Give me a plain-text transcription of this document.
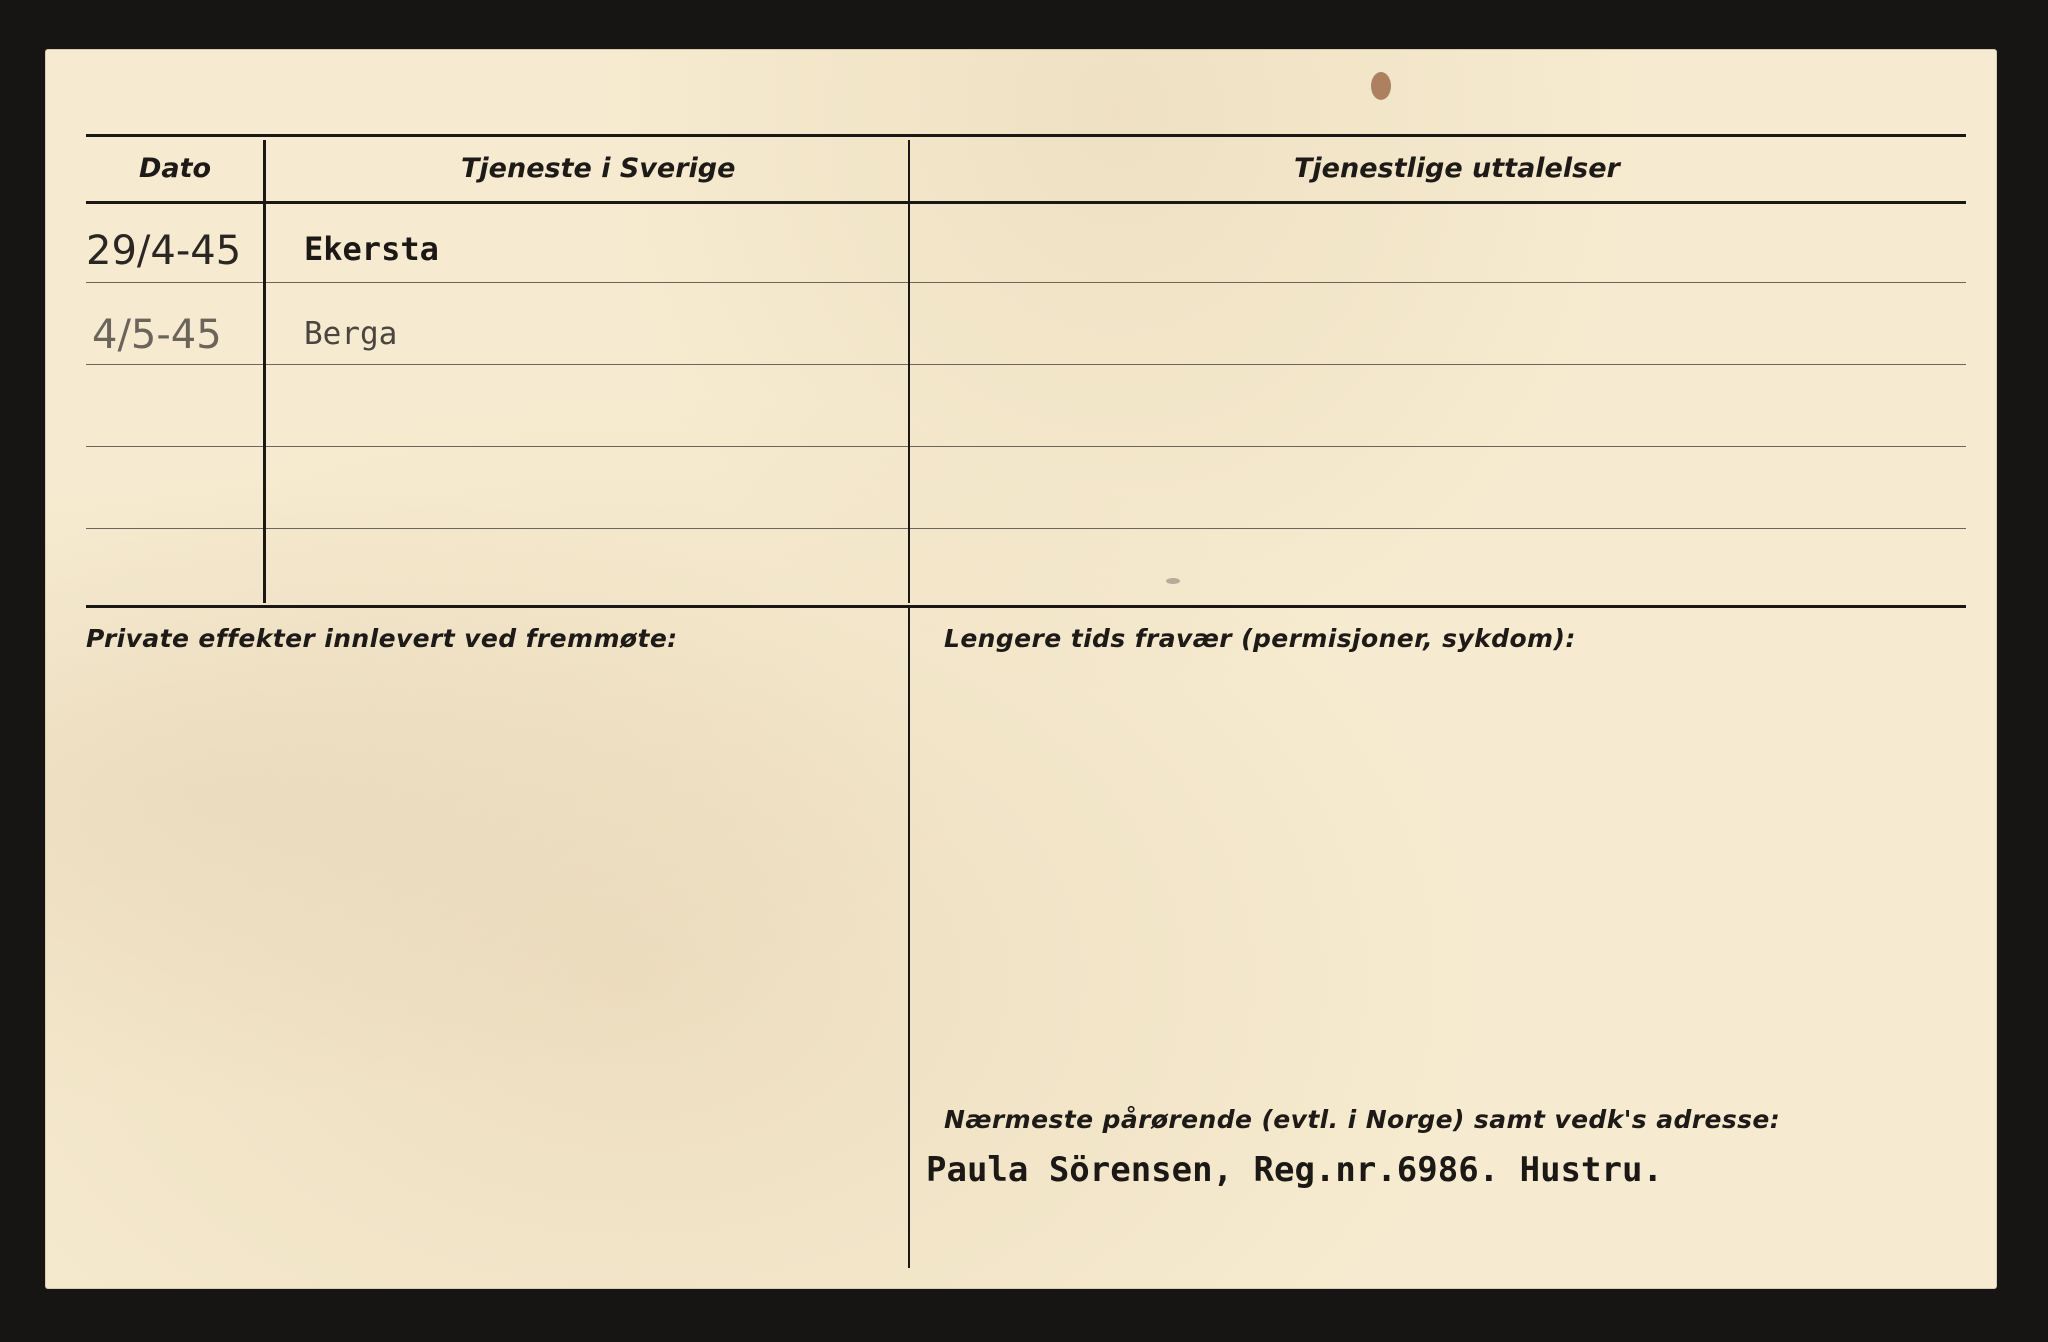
Dato	Tjeneste i Sverige	Tjenestlige uttalelser
29/4-45 Ekersta
4/5-45	Berga
Private effekter innlevert ved fremmøte:	Lengere tids fravær (permisjoner, sykdom):
Nærmeste pårørende (evtl. i Norge) samt vedk's adresse:
Paula Sörensen, Reg.nr.6986. Hustru.
